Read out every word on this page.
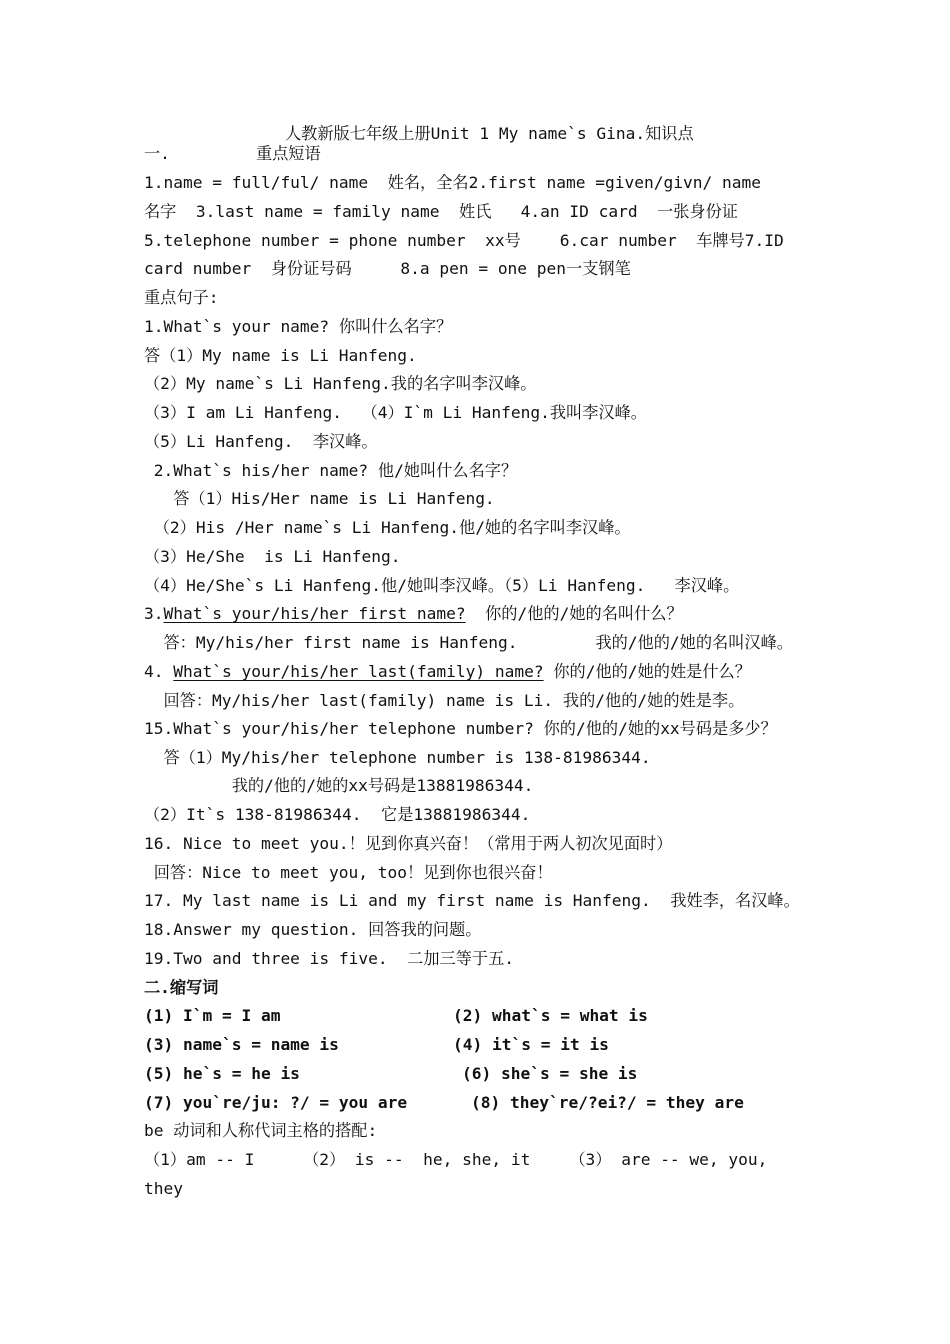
人教新版七年级上册Unit 1 My name`s Gina.知识点
一.	重点短语
1.name = full/ful/ name  姓名，全名2.first name =given/givn/ name
名字  3.last name = family name  姓氏   4.an ID card  一张身份证
5.telephone number = phone number  xx号    6.car number  车牌号7.ID
card number  身份证号码     8.a pen = one pen一支钢笔
重点句子:
1.What`s your name? 你叫什么名字？
答（1）My name is Li Hanfeng.
（2）My name`s Li Hanfeng.我的名字叫李汉峰。
（3）I am Li Hanfeng.  （4）I`m Li Hanfeng.我叫李汉峰。
（5）Li Hanfeng.  李汉峰。
2.What`s his/her name? 他/她叫什么名字？
答（1）His/Her name is Li Hanfeng.
（2）His /Her name`s Li Hanfeng.他/她的名字叫李汉峰。
（3）He/She  is Li Hanfeng.
（4）He/She`s Li Hanfeng.他/她叫李汉峰。（5）Li Hanfeng.   李汉峰。
3.What`s your/his/her first name?  你的/他的/她的名叫什么？
答：My/his/her first name is Hanfeng.        我的/他的/她的名叫汉峰。
4. What`s your/his/her last(family) name? 你的/他的/她的姓是什么？
回答：My/his/her last(family) name is Li. 我的/他的/她的姓是李。
15.What`s your/his/her telephone number? 你的/他的/她的xx号码是多少？
答（1）My/his/her telephone number is 138-81986344.
我的/他的/她的xx号码是13881986344.
（2）It`s 138-81986344.  它是13881986344.
16. Nice to meet you.！见到你真兴奋！（常用于两人初次见面时）
回答：Nice to meet you, too！见到你也很兴奋！
17. My last name is Li and my first name is Hanfeng.  我姓李，名汉峰。
18.Answer my question. 回答我的问题。
19.Two and three is five.  二加三等于五.
二.缩写词
(1) I`m = I am	(2) what`s = what is
(3) name`s = name is	(4) it`s = it is
(5) he`s = he is	(6) she`s = she is
(7) you`re/ju: ?/ = you are	(8) they`re/?ei?/ = they are
be 动词和人称代词主格的搭配:
（1）am -- I     （2） is --  he, she, it    （3） are -- we, you,
they
